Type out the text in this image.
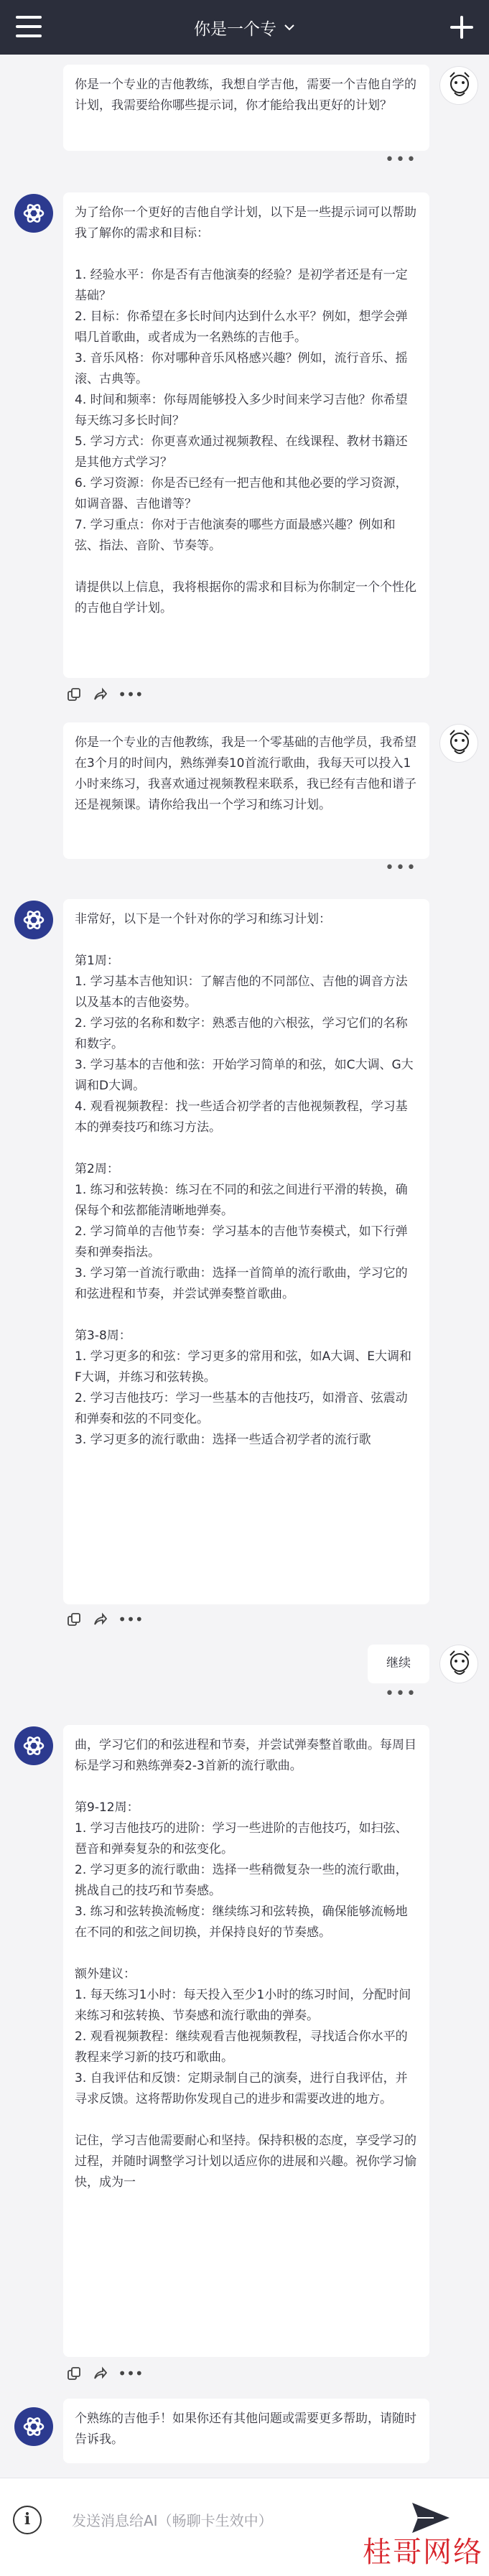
你是一个专
你是一个专业的吉他教练，我想自学吉他，需要一个吉他自学的计划，我需要给你哪些提示词，你才能给我出更好的计划？
•••
为了给你一个更好的吉他自学计划，以下是一些提示词可以帮助我了解你的需求和目标：

1. 经验水平：你是否有吉他演奏的经验？是初学者还是有一定基础？
2. 目标：你希望在多长时间内达到什么水平？例如，想学会弹唱几首歌曲，或者成为一名熟练的吉他手。
3. 音乐风格：你对哪种音乐风格感兴趣？例如，流行音乐、摇滚、古典等。
4. 时间和频率：你每周能够投入多少时间来学习吉他？你希望每天练习多长时间？
5. 学习方式：你更喜欢通过视频教程、在线课程、教材书籍还是其他方式学习？
6. 学习资源：你是否已经有一把吉他和其他必要的学习资源，如调音器、吉他谱等？
7. 学习重点：你对于吉他演奏的哪些方面最感兴趣？例如和弦、指法、音阶、节奏等。

请提供以上信息，我将根据你的需求和目标为你制定一个个性化的吉他自学计划。
•••
你是一个专业的吉他教练，我是一个零基础的吉他学员，我希望在3个月的时间内，熟练弹奏10首流行歌曲，我每天可以投入1小时来练习，我喜欢通过视频教程来联系，我已经有吉他和谱子还是视频课。请你给我出一个学习和练习计划。
•••
非常好，以下是一个针对你的学习和练习计划：

第1周：
1. 学习基本吉他知识：了解吉他的不同部位、吉他的调音方法以及基本的吉他姿势。
2. 学习弦的名称和数字：熟悉吉他的六根弦，学习它们的名称和数字。
3. 学习基本的吉他和弦：开始学习简单的和弦，如C大调、G大调和D大调。
4. 观看视频教程：找一些适合初学者的吉他视频教程，学习基本的弹奏技巧和练习方法。

第2周：
1. 练习和弦转换：练习在不同的和弦之间进行平滑的转换，确保每个和弦都能清晰地弹奏。
2. 学习简单的吉他节奏：学习基本的吉他节奏模式，如下行弹奏和弹奏指法。
3. 学习第一首流行歌曲：选择一首简单的流行歌曲，学习它的和弦进程和节奏，并尝试弹奏整首歌曲。

第3-8周：
1. 学习更多的和弦：学习更多的常用和弦，如A大调、E大调和F大调，并练习和弦转换。
2. 学习吉他技巧：学习一些基本的吉他技巧，如滑音、弦震动和弹奏和弦的不同变化。
3. 学习更多的流行歌曲：选择一些适合初学者的流行歌
•••
继续
•••
曲，学习它们的和弦进程和节奏，并尝试弹奏整首歌曲。每周目标是学习和熟练弹奏2-3首新的流行歌曲。

第9-12周：
1. 学习吉他技巧的进阶：学习一些进阶的吉他技巧，如扫弦、琶音和弹奏复杂的和弦变化。
2. 学习更多的流行歌曲：选择一些稍微复杂一些的流行歌曲，挑战自己的技巧和节奏感。
3. 练习和弦转换流畅度：继续练习和弦转换，确保能够流畅地在不同的和弦之间切换，并保持良好的节奏感。

额外建议：
1. 每天练习1小时：每天投入至少1小时的练习时间，分配时间来练习和弦转换、节奏感和流行歌曲的弹奏。
2. 观看视频教程：继续观看吉他视频教程，寻找适合你水平的教程来学习新的技巧和歌曲。
3. 自我评估和反馈：定期录制自己的演奏，进行自我评估，并寻求反馈。这将帮助你发现自己的进步和需要改进的地方。

记住，学习吉他需要耐心和坚持。保持积极的态度，享受学习的过程，并随时调整学习计划以适应你的进展和兴趣。祝你学习愉快，成为一
•••
个熟练的吉他手！如果你还有其他问题或需要更多帮助，请随时告诉我。
i	发送消息给AI（畅聊卡生效中）
桂哥网络
